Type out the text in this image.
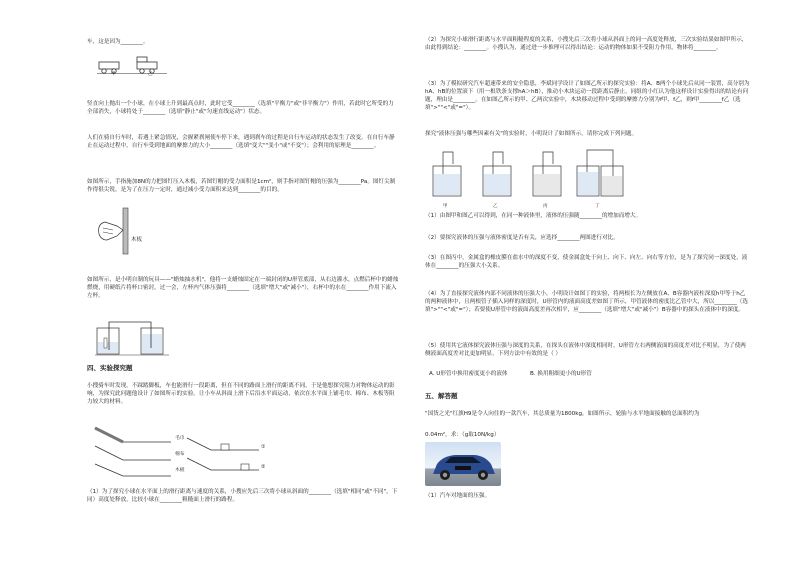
车，这是因为________。

甲	乙

竖直向上抛出一个小球，在小球上升到最高点时，此时它受________（选填"平衡力"或"非平衡力"）作用，若此时它所受的力全部消失，小球将处于________（选填"静止"或"匀速直线运动"）状态。

人们在骑自行车时，若遇上紧急情况，会握紧刹闸使车停下来，遇到刹车的过程是自行车运动的状态发生了改变。在自行车静止在运动过程中，自行车受到地面的摩擦力的大小________（选填"变大""变小"或"不变"）；会利用的原理是________。

如图所示，手指施加8N的力把图钉压入木板，若图钉帽的受力面积是1cm²，则手指对图钉帽的压强为________Pa。图钉尖制作得很尖锐，是为了在压力一定时，通过减小受力面积来达到________的目的。

木板

如图所示，是小明自制的玩具——"蜡烛抽水机"，他将一支蜡烛固定在一端封闭的U形管底部，从右边灌水，点燃后杯中的蜡烛燃烧，用硬纸片将杯口密封，过一会，左杯内气体压强将________（选填"增大"或"减小"），右杯中的水在________作用下流入左杯。

四、实验探究题

小搜骑车时发现，不踩踏脚板，车也能滑行一段距离，但在不同的路面上滑行的距离不同，于是他想探究阻力对物体运动的影响，为探究此问题他设计了如图所示的实验。让小车从斜面上滑下后沿水平面运动，依次在水平面上铺毛巾、棉布、木板等阻力较大的材料。

毛巾
棉布
木板
①
②

（1）为了探究小球在水平面上的滑行距离与速度的关系，小搜应先后三次将小球从斜面的________（选填"相同"或"不同"，下同）高度处释放，比较小球在________粗糙面上滑行的路程。

（2）为探究小球滑行距离与水平面粗糙程度的关系，小搜先后三次将小球从斜面上的同一高度处释放，三次实验结果如图甲所示，由此得到结论：________。小搜认为，通过进一步推理可以得出结论：运动的物体如果不受阻力作用，物体将________。

（3）为了模拟研究汽车超速带来的安全隐患，李斌同学设计了如图乙所示的探究实验：将A、B两个小球先后从同一装置，高分别为hA、hB的位置滚下（用一根铁条支撑hA＞hB），推动小木块运动一段距离后静止。同组的小红认为他这样设计实验得出的结论有问题，理由是________。在如图乙所示的甲、乙两次实验中，木块移动过程中受到的摩擦力分别为f甲、f乙，则f甲________f乙（选填">""<"或"="）。

探究"液体压强与哪些因素有关"的实验时，小明设计了如图所示，请你完成下列问题。

甲	乙	丙	丁

（1）由图甲和图乙可以得到，在同一种液体里，液体的压强随________的增加而增大。

（2）要探究液体的压强与液体密度是否有关，应选择________两图进行对比。

（3）在图丙中，金属盒的橡皮膜在盐水中的深度不变，使金属盒处于向上、向下、向左、向右等方位，是为了探究同一深度处，液体在________的压强大小关系。

（4）为了直接探究液体内部不同液体的压强大小，小明设计如图丁的实验，将两根长为左侧放在A、B容器内液柱深度h甲等于h乙的两种液体中，且两根管子插入同样的深度时，U形管内的液面高度差如图丁所示，甲管液体的密度比乙管中大，所以________（选填">""<"或"="）；若要使U形管中的液面高度差再次相平，应________（选填"增大"或"减小"）B容器中的探头在液体中的深度。

（5）使用其它液体探究液体压强与深度的关系，在探头在液体中深度相同时，U形管左右两侧液面的高度差对比不明显，为了使两侧液面高度差对比更加明显，下列方法中有效的是（ ）

A. U形管中换用密度更小的液体	B. 换用粗细更小的U形管
五、解答题

"国货之光"红旗H9是令人向往的一款汽车，其总质量为1800kg，如图所示，轮胎与水平地面接触的总面积约为

0.04m²，求：（g取10N/kg）

（1）汽车对地面的压强。
